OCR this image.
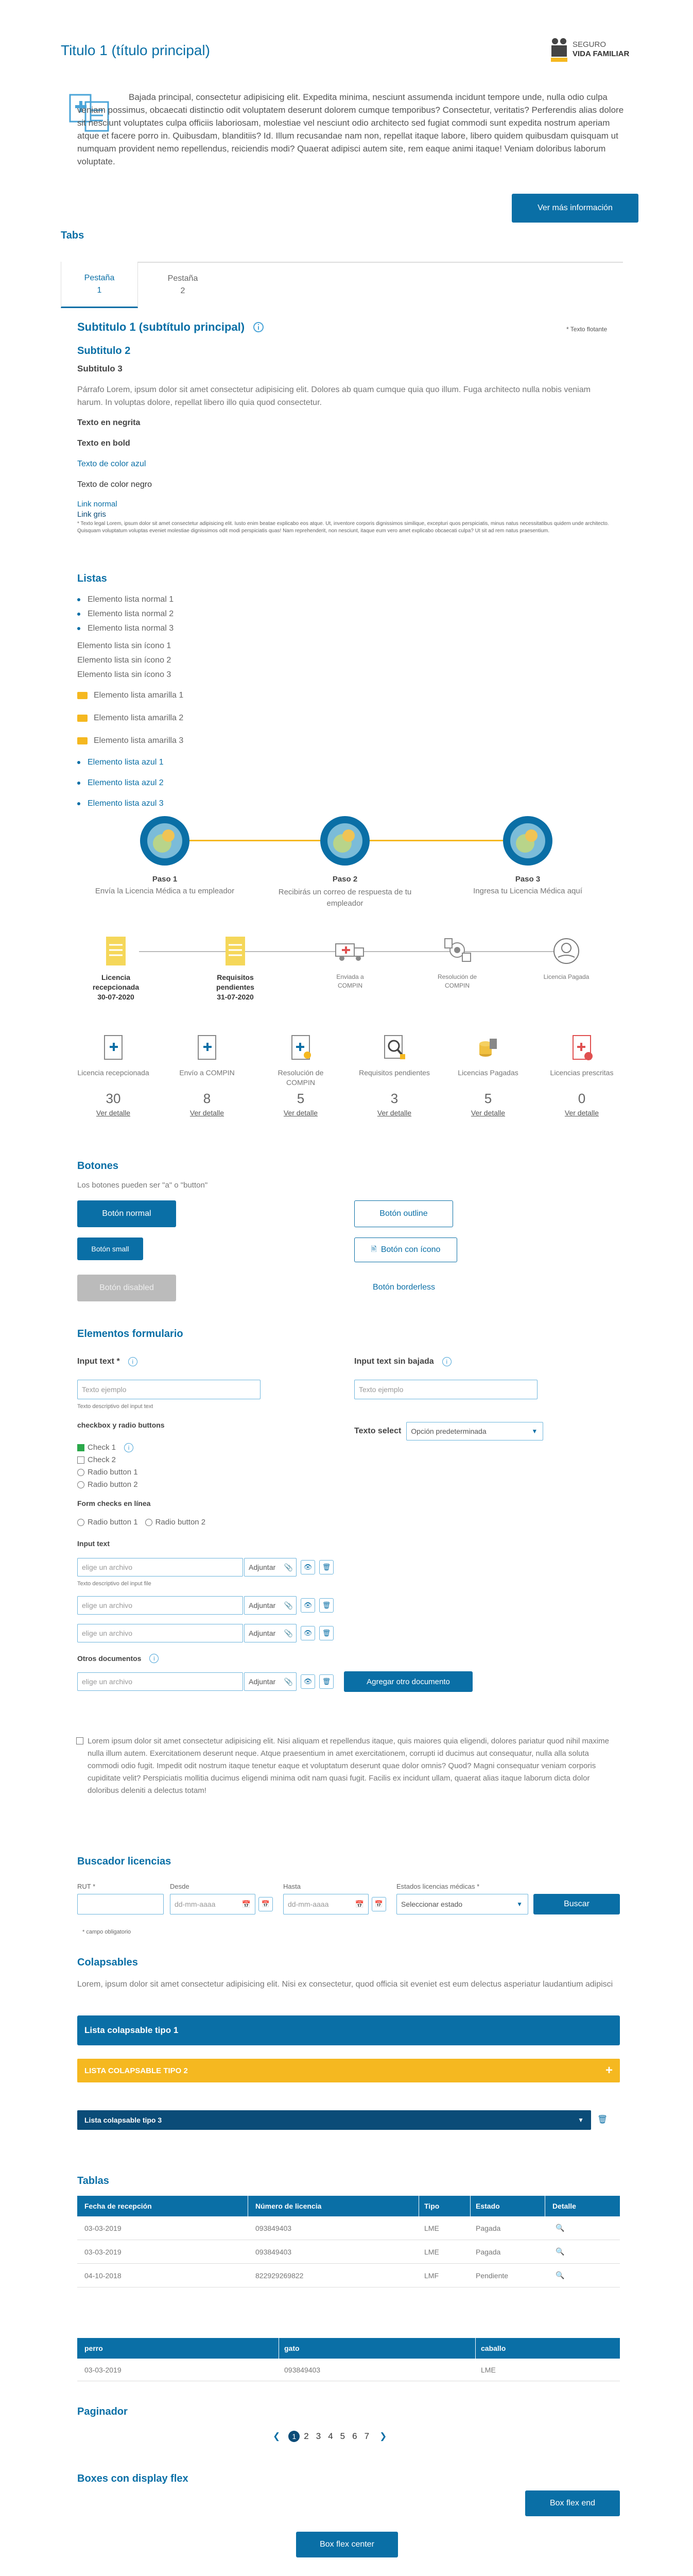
Titulo 1 (título principal)	SEGURO
VIDA FAMILIAR
Bajada principal, consectetur adipisicing elit. Expedita minima, nesciunt assumenda incidunt tempore unde, nulla odio culpa veniam possimus, obcaecati distinctio odit voluptatem deserunt dolorem cumque temporibus? Consectetur, veritatis? Perferendis alias dolore sit nesciunt voluptates culpa officiis laboriosam, molestiae vel nesciunt odio architecto sed fugiat commodi sunt expedita nostrum aperiam atque et facere porro in. Quibusdam, blanditiis? Id. Illum recusandae nam non, repellat itaque labore, libero quidem quibusdam quisquam ut numquam provident nemo repellendus, reiciendis modi? Quaerat adipisci autem site, rem eaque animi itaque! Veniam doloribus laborum voluptate.
Ver más información
Tabs
Pestaña 1
Pestaña 2
Subtitulo 1 (subtítulo principal)	* Texto flotante
Subtitulo 2
Subtitulo 3
Párrafo Lorem, ipsum dolor sit amet consectetur adipisicing elit. Dolores ab quam cumque quia quo illum. Fuga architecto nulla nobis veniam harum. In voluptas dolore, repellat libero illo quia quod consectetur.
Texto en negrita
Texto en bold
Texto de color azul
Texto de color negro
Link normal
Link gris
* Texto legal Lorem, ipsum dolor sit amet consectetur adipisicing elit. Iusto enim beatae explicabo eos atque. Ut, inventore corporis dignissimos similique, excepturi quos perspiciatis, minus natus necessitatibus quidem unde architecto. Quisquam voluptatum voluptas eveniet molestiae dignissimos odit modi perspiciatis quas! Nam reprehenderit, non nesciunt, itaque eum vero amet explicabo obcaecati culpa? Ut sit ad rem natus praesentium.
Listas
Elemento lista normal 1
Elemento lista normal 2
Elemento lista normal 3
Elemento lista sin ícono 1
Elemento lista sin ícono 2
Elemento lista sin ícono 3
Elemento lista amarilla 1
Elemento lista amarilla 2
Elemento lista amarilla 3
Elemento lista azul 1
Elemento lista azul 2
Elemento lista azul 3
Paso 1
Envía la Licencia Médica a tu empleador
Paso 2
Recibirás un correo de respuesta de tu empleador
Paso 3
Ingresa tu Licencia Médica aquí
Licencia recepcionada
30-07-2020
Requisitos pendientes
31-07-2020
Enviada a COMPIN
Resolución de COMPIN
Licencia Pagada
Licencia recepcionada
30
Ver detalle
Envío a COMPIN
8
Ver detalle
Resolución de COMPIN
5
Ver detalle
Requisitos pendientes
3
Ver detalle
Licencias Pagadas
5
Ver detalle
Licencias prescritas
0
Ver detalle
Botones
Los botones pueden ser "a" o "button"
Botón normal	Botón outline
Botón small	🖹 Botón con ícono
Botón disabled	Botón borderless
Elementos formulario
Input text *	i
Texto ejemplo
Texto descriptivo del input text
Input text sin bajada	i
Texto ejemplo
checkbox y radio buttons
Texto select Opción predeterminada	▼
Check 1	i
Check 2
Radio button 1
Radio button 2
Form checks en línea
Radio button 1 Radio button 2
Input text
elige un archivo	Adjuntar 📎	👁	🗑
Texto descriptivo del input file
elige un archivo	Adjuntar 📎	👁	🗑
elige un archivo	Adjuntar 📎	👁	🗑
Otros documentos	i
elige un archivo	Adjuntar 📎	👁	🗑	Agregar otro documento
Lorem ipsum dolor sit amet consectetur adipisicing elit. Nisi aliquam et repellendus itaque, quis maiores quia eligendi, dolores pariatur quod nihil maxime nulla illum autem. Exercitationem deserunt neque. Atque praesentium in amet exercitationem, corrupti id ducimus aut consequatur, nulla alla soluta commodi odio fugit. Impedit odit nostrum itaque tenetur eaque et voluptatum deserunt quae dolor omnis? Quod? Magni consequatur veniam corporis cupiditate velit? Perspiciatis mollitia ducimus eligendi minima odit nam quasi fugit. Facilis ex incidunt ullam, quaerat alias itaque laborum dicta dolor doloribus deleniti a delectus totam!
Buscador licencias
RUT *	Desde
dd-mm-aaaa	📅	📅
Hasta
dd-mm-aaaa	📅	📅
Estados licencias médicas *
Seleccionar estado	▼	Buscar
* campo obligatorio
Colapsables
Lorem, ipsum dolor sit amet consectetur adipisicing elit. Nisi ex consectetur, quod officia sit eveniet est eum delectus asperiatur laudantium adipisci
Lista colapsable tipo 1
LISTA COLAPSABLE TIPO 2	+
Lista colapsable tipo 3	▼ 🗑
Tablas
Fecha de recepción	Número de licencia	Tipo	Estado	Detalle
03-03-2019	093849403	LME	Pagada	🔍
03-03-2019	093849403	LME	Pagada	🔍
04-10-2018	822929269822	LMF	Pendiente	🔍
perro	gato	caballo
03-03-2019	093849403	LME
Paginador
❮	1 2 3 4 5 6 7 ❯
Boxes con display flex
Box flex end
Box flex center
